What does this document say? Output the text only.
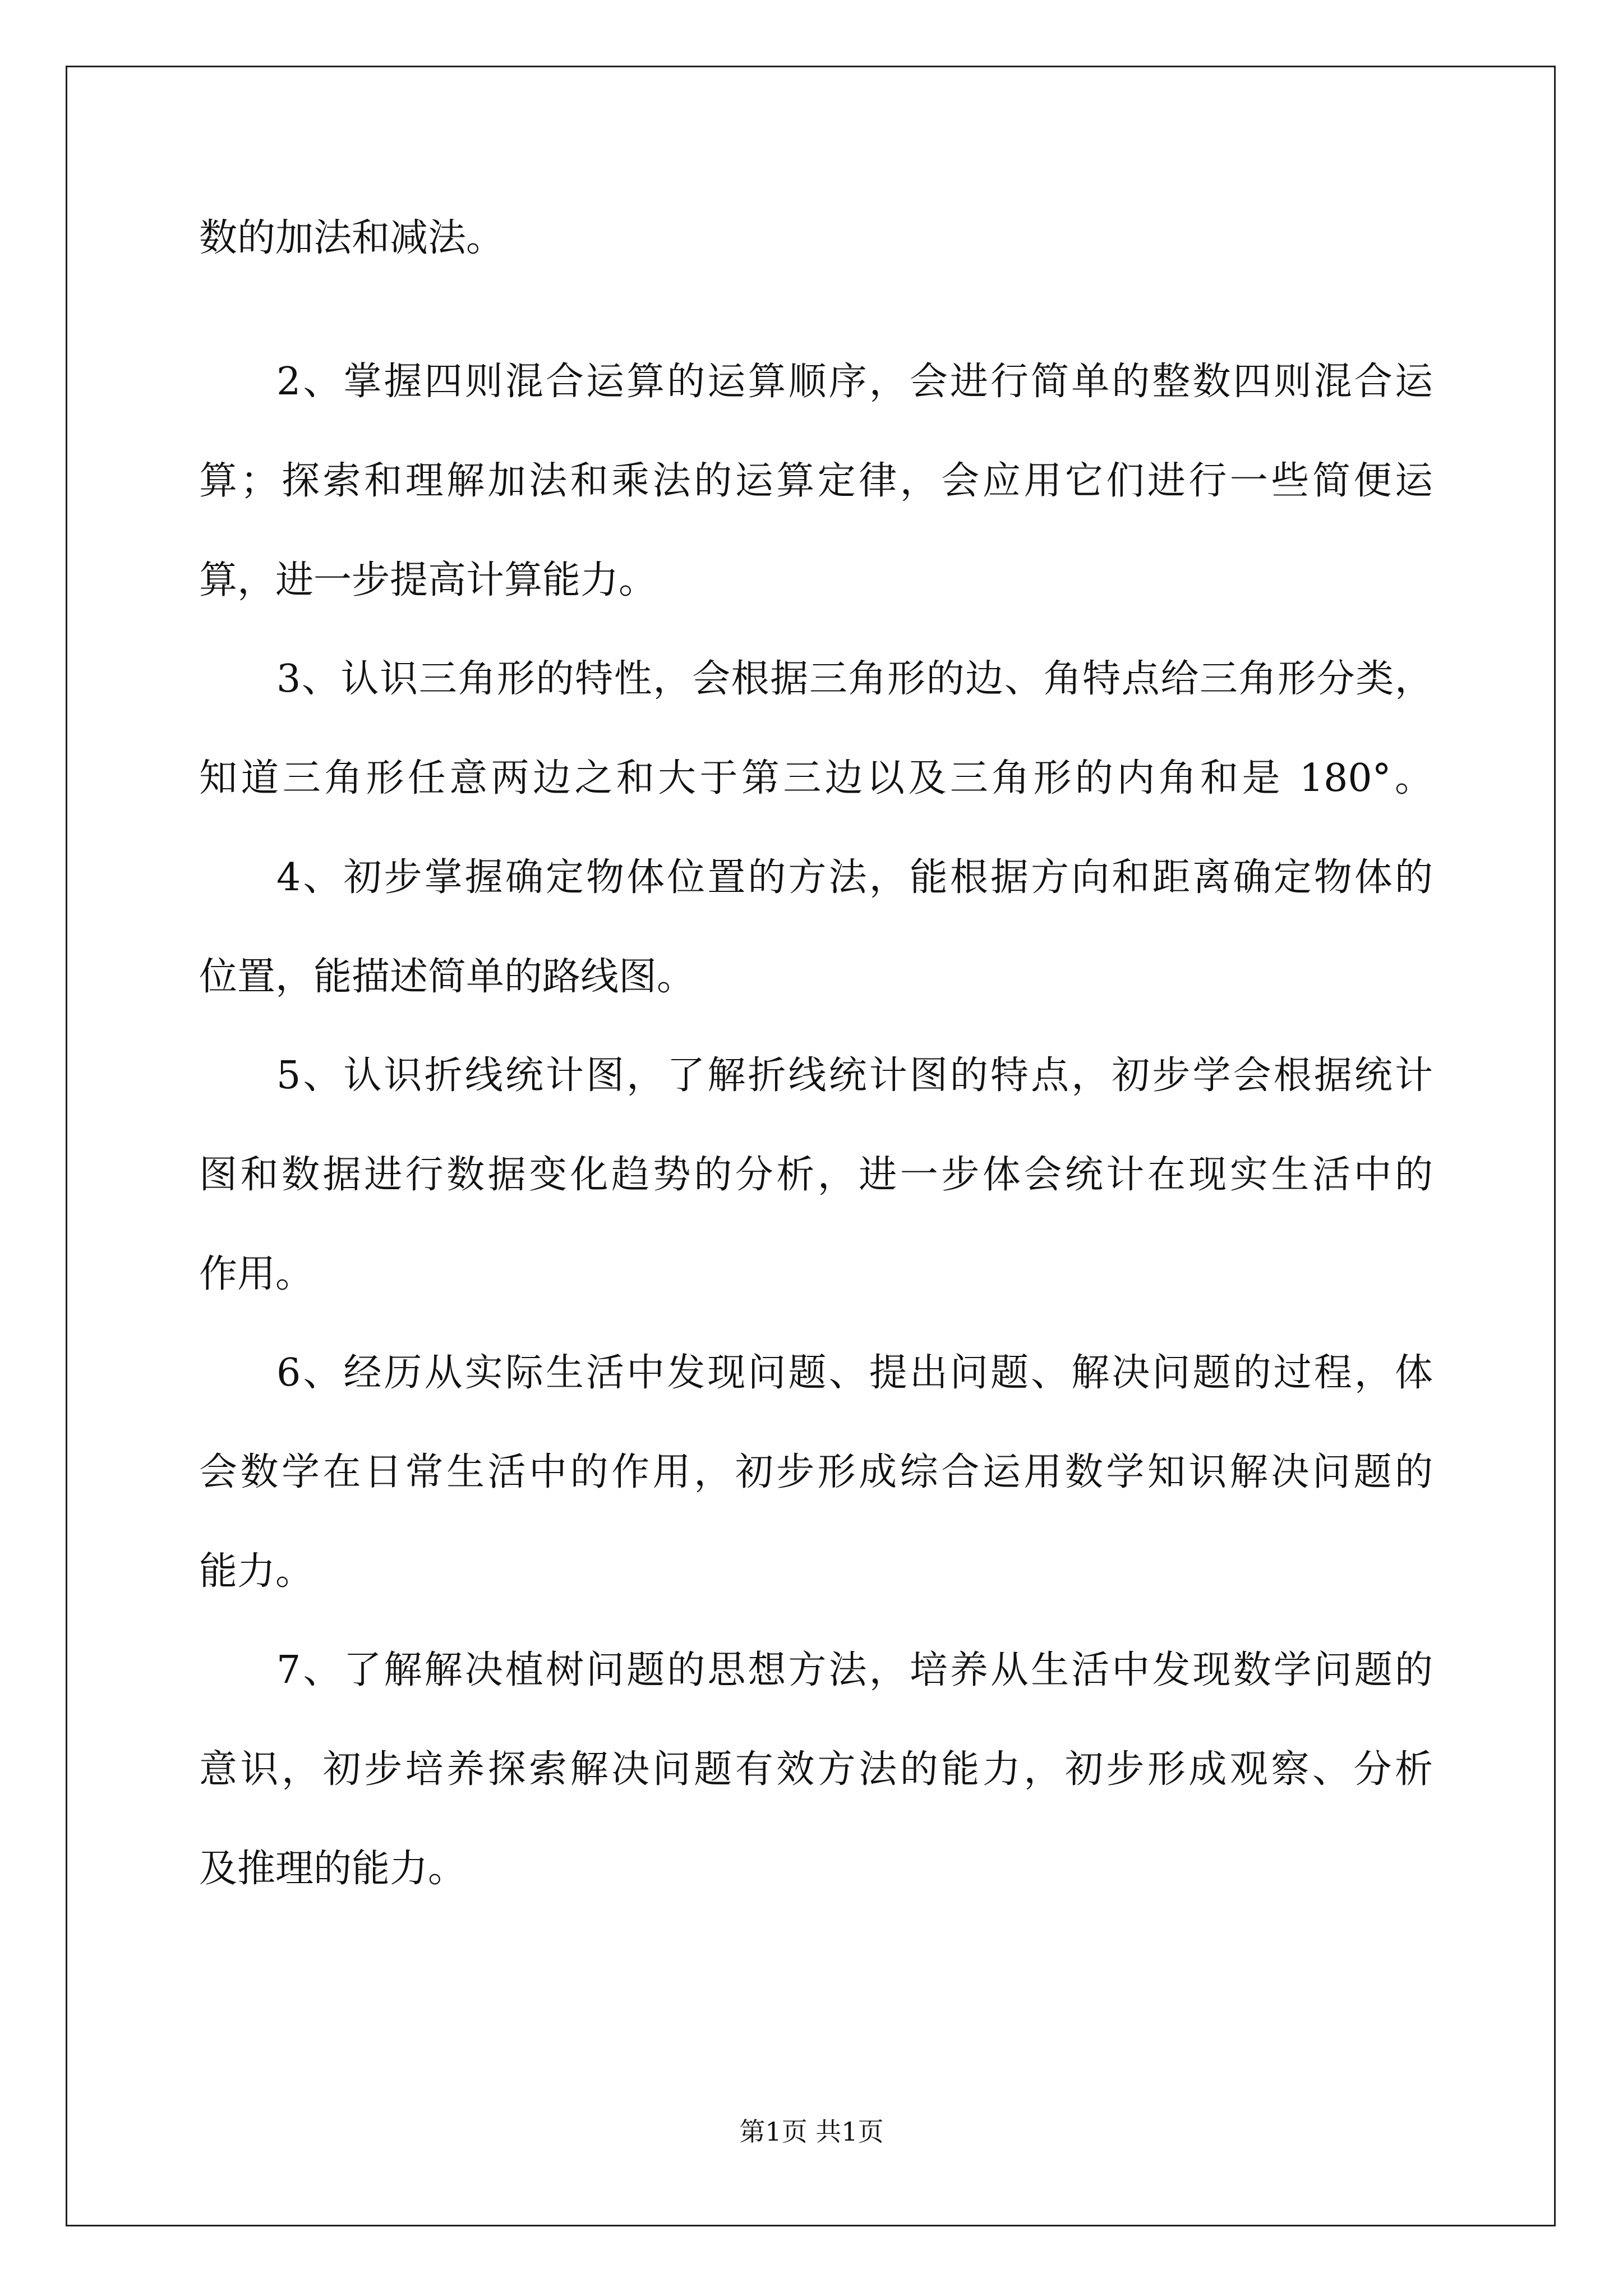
数的加法和减法。
2、掌握四则混合运算的运算顺序，会进行简单的整数四则混合运
算；探索和理解加法和乘法的运算定律，会应用它们进行一些简便运
算，进一步提高计算能力。
3、认识三角形的特性，会根据三角形的边、角特点给三角形分类，
知道三角形任意两边之和大于第三边以及三角形的内角和是 180°。
4、初步掌握确定物体位置的方法，能根据方向和距离确定物体的
位置，能描述简单的路线图。
5、认识折线统计图，了解折线统计图的特点，初步学会根据统计
图和数据进行数据变化趋势的分析，进一步体会统计在现实生活中的
作用。
6、经历从实际生活中发现问题、提出问题、解决问题的过程，体
会数学在日常生活中的作用，初步形成综合运用数学知识解决问题的
能力。
7、了解解决植树问题的思想方法，培养从生活中发现数学问题的
意识，初步培养探索解决问题有效方法的能力，初步形成观察、分析
及推理的能力。
第1页 共1页
